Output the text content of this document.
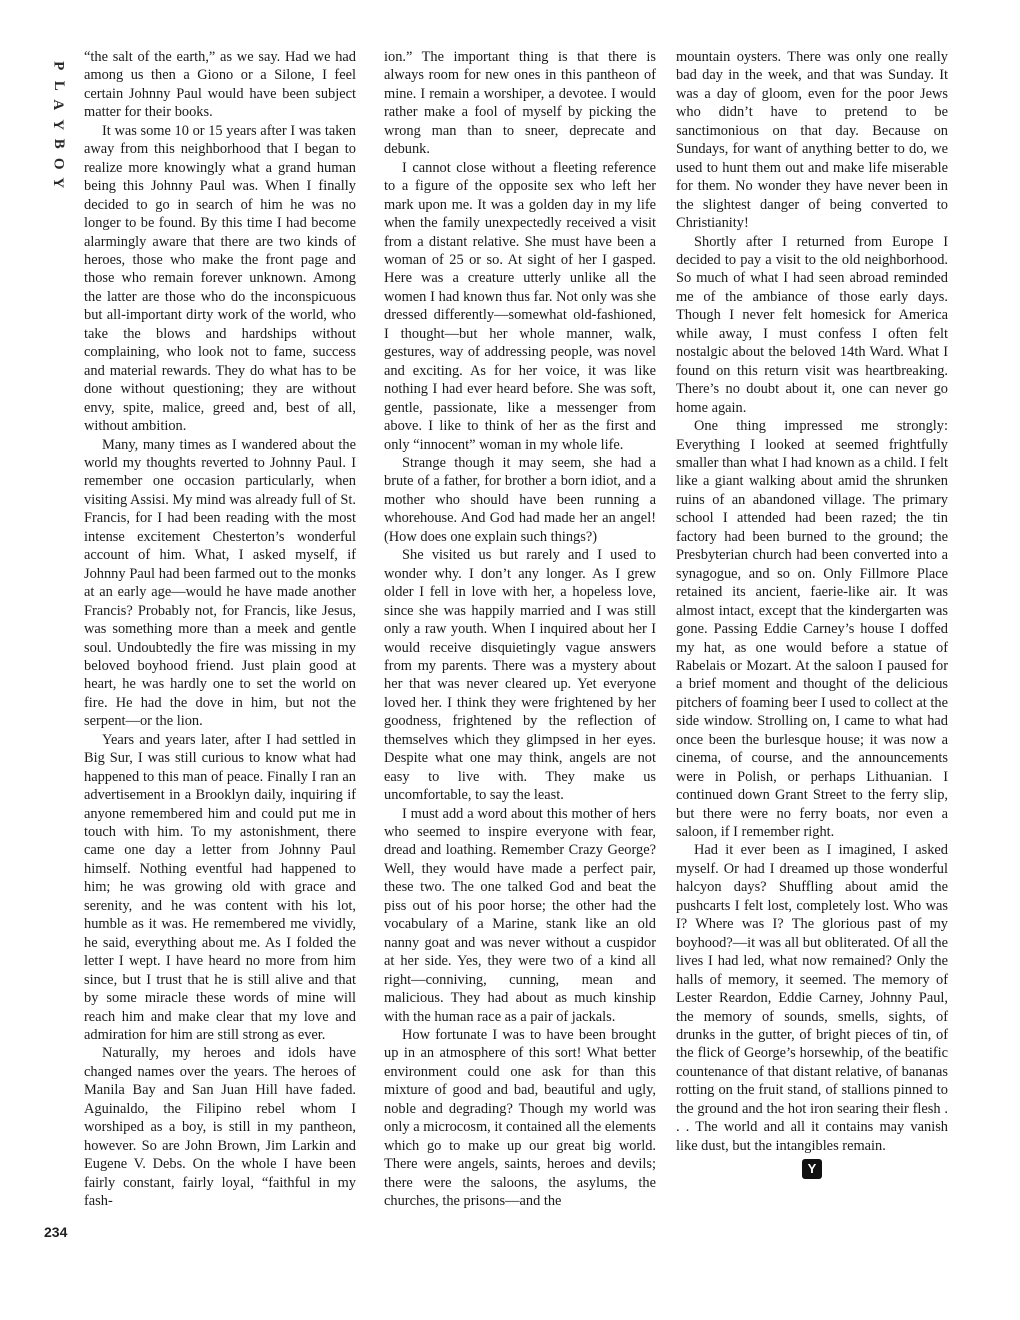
P
L
A
Y
B
O
Y

“the salt of the earth,” as we say. Had we had among us then a Giono or a Silone, I feel certain Johnny Paul would have been subject matter for their books.

It was some 10 or 15 years after I was taken away from this neighborhood that I began to realize more knowingly what a grand human being this Johnny Paul was. When I finally decided to go in search of him he was no longer to be found. By this time I had become alarmingly aware that there are two kinds of heroes, those who make the front page and those who remain forever unknown. Among the latter are those who do the inconspicuous but all-important dirty work of the world, who take the blows and hardships without complaining, who look not to fame, success and material rewards. They do what has to be done without questioning; they are without envy, spite, malice, greed and, best of all, without ambition.

Many, many times as I wandered about the world my thoughts reverted to Johnny Paul. I remember one occasion particularly, when visiting Assisi. My mind was already full of St. Francis, for I had been reading with the most intense excitement Chesterton’s wonderful account of him. What, I asked myself, if Johnny Paul had been farmed out to the monks at an early age—would he have made another Francis? Probably not, for Francis, like Jesus, was something more than a meek and gentle soul. Undoubtedly the fire was missing in my beloved boyhood friend. Just plain good at heart, he was hardly one to set the world on fire. He had the dove in him, but not the serpent—or the lion.

Years and years later, after I had settled in Big Sur, I was still curious to know what had happened to this man of peace. Finally I ran an advertisement in a Brooklyn daily, inquiring if anyone remembered him and could put me in touch with him. To my astonishment, there came one day a letter from Johnny Paul himself. Nothing eventful had happened to him; he was growing old with grace and serenity, and he was content with his lot, humble as it was. He remembered me vividly, he said, everything about me. As I folded the letter I wept. I have heard no more from him since, but I trust that he is still alive and that by some miracle these words of mine will reach him and make clear that my love and admiration for him are still strong as ever.

Naturally, my heroes and idols have changed names over the years. The heroes of Manila Bay and San Juan Hill have faded. Aguinaldo, the Filipino rebel whom I worshiped as a boy, is still in my pantheon, however. So are John Brown, Jim Larkin and Eugene V. Debs. On the whole I have been fairly constant, fairly loyal, “faithful in my fash-

ion.” The important thing is that there is always room for new ones in this pantheon of mine. I remain a worshiper, a devotee. I would rather make a fool of myself by picking the wrong man than to sneer, deprecate and debunk.

I cannot close without a fleeting reference to a figure of the opposite sex who left her mark upon me. It was a golden day in my life when the family unexpectedly received a visit from a distant relative. She must have been a woman of 25 or so. At sight of her I gasped. Here was a creature utterly unlike all the women I had known thus far. Not only was she dressed differently—somewhat old-fashioned, I thought—but her whole manner, walk, gestures, way of addressing people, was novel and exciting. As for her voice, it was like nothing I had ever heard before. She was soft, gentle, passionate, like a messenger from above. I like to think of her as the first and only “innocent” woman in my whole life.

Strange though it may seem, she had a brute of a father, for brother a born idiot, and a mother who should have been running a whorehouse. And God had made her an angel! (How does one explain such things?)

She visited us but rarely and I used to wonder why. I don’t any longer. As I grew older I fell in love with her, a hopeless love, since she was happily married and I was still only a raw youth. When I inquired about her I would receive disquietingly vague answers from my parents. There was a mystery about her that was never cleared up. Yet everyone loved her. I think they were frightened by her goodness, frightened by the reflection of themselves which they glimpsed in her eyes. Despite what one may think, angels are not easy to live with. They make us uncomfortable, to say the least.

I must add a word about this mother of hers who seemed to inspire everyone with fear, dread and loathing. Remember Crazy George? Well, they would have made a perfect pair, these two. The one talked God and beat the piss out of his poor horse; the other had the vocabulary of a Marine, stank like an old nanny goat and was never without a cuspidor at her side. Yes, they were two of a kind all right—conniving, cunning, mean and malicious. They had about as much kinship with the human race as a pair of jackals.

How fortunate I was to have been brought up in an atmosphere of this sort! What better environment could one ask for than this mixture of good and bad, beautiful and ugly, noble and degrading? Though my world was only a microcosm, it contained all the elements which go to make up our great big world. There were angels, saints, heroes and devils; there were the saloons, the asylums, the churches, the prisons—and the

mountain oysters. There was only one really bad day in the week, and that was Sunday. It was a day of gloom, even for the poor Jews who didn’t have to pretend to be sanctimonious on that day. Because on Sundays, for want of anything better to do, we used to hunt them out and make life miserable for them. No wonder they have never been in the slightest danger of being converted to Christianity!

Shortly after I returned from Europe I decided to pay a visit to the old neighborhood. So much of what I had seen abroad reminded me of the ambiance of those early days. Though I never felt homesick for America while away, I must confess I often felt nostalgic about the beloved 14th Ward. What I found on this return visit was heartbreaking. There’s no doubt about it, one can never go home again.

One thing impressed me strongly: Everything I looked at seemed frightfully smaller than what I had known as a child. I felt like a giant walking about amid the shrunken ruins of an abandoned village. The primary school I attended had been razed; the tin factory had been burned to the ground; the Presbyterian church had been converted into a synagogue, and so on. Only Fillmore Place retained its ancient, faerie-like air. It was almost intact, except that the kindergarten was gone. Passing Eddie Carney’s house I doffed my hat, as one would before a statue of Rabelais or Mozart. At the saloon I paused for a brief moment and thought of the delicious pitchers of foaming beer I used to collect at the side window. Strolling on, I came to what had once been the burlesque house; it was now a cinema, of course, and the announcements were in Polish, or perhaps Lithuanian. I continued down Grant Street to the ferry slip, but there were no ferry boats, nor even a saloon, if I remember right.

Had it ever been as I imagined, I asked myself. Or had I dreamed up those wonderful halcyon days? Shuffling about amid the pushcarts I felt lost, completely lost. Who was I? Where was I? The glorious past of my boyhood?—it was all but obliterated. Of all the lives I had led, what now remained? Only the halls of memory, it seemed. The memory of Lester Reardon, Eddie Carney, Johnny Paul, the memory of sounds, smells, sights, of drunks in the gutter, of bright pieces of tin, of the flick of George’s horsewhip, of the beatific countenance of that distant relative, of bananas rotting on the fruit stand, of stallions pinned to the ground and the hot iron searing their flesh . . . The world and all it contains may vanish like dust, but the intangibles remain.

Y
234
